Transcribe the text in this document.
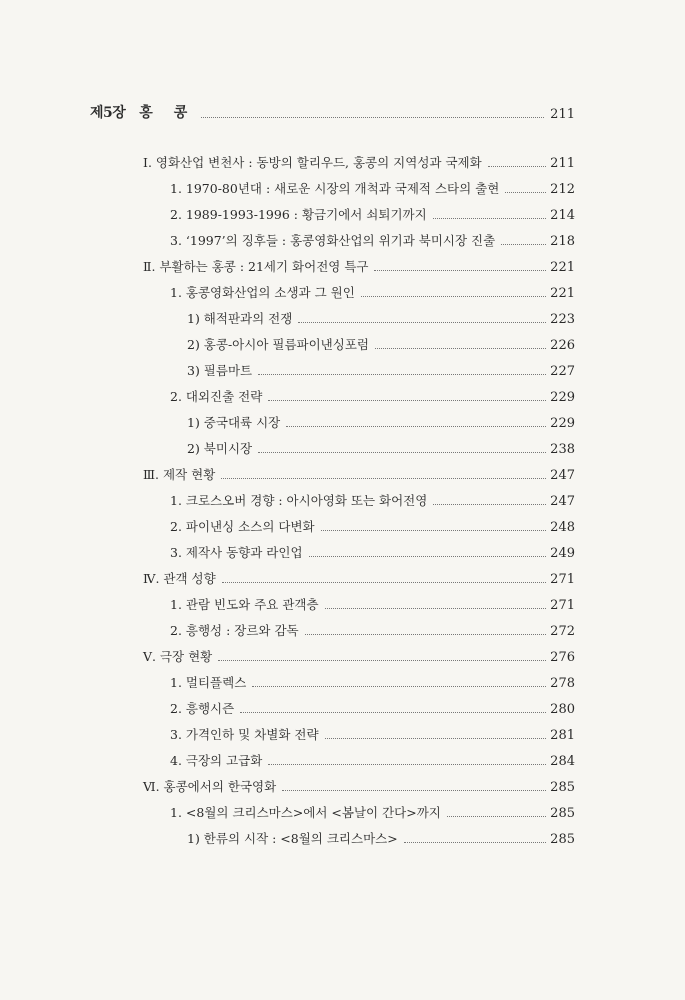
제5장 홍 콩	211
Ⅰ. 영화산업 변천사 : 동방의 할리우드, 홍콩의 지역성과 국제화	211
1. 1970-80년대 : 새로운 시장의 개척과 국제적 스타의 출현	212
2. 1989-1993-1996 : 황금기에서 쇠퇴기까지	214
3. ‘1997’의 징후들 : 홍콩영화산업의 위기과 북미시장 진출	218
Ⅱ. 부활하는 홍콩 : 21세기 화어전영 특구	221
1. 홍콩영화산업의 소생과 그 원인	221
1) 해적판과의 전쟁	223
2) 홍콩-아시아 필름파이낸싱포럼	226
3) 필름마트	227
2. 대외진출 전략	229
1) 중국대륙 시장	229
2) 북미시장	238
Ⅲ. 제작 현황	247
1. 크로스오버 경향 : 아시아영화 또는 화어전영	247
2. 파이낸싱 소스의 다변화	248
3. 제작사 동향과 라인업	249
Ⅳ. 관객 성향	271
1. 관람 빈도와 주요 관객층	271
2. 흥행성 : 장르와 감독	272
Ⅴ. 극장 현황	276
1. 멀티플렉스	278
2. 흥행시즌	280
3. 가격인하 및 차별화 전략	281
4. 극장의 고급화	284
Ⅵ. 홍콩에서의 한국영화	285
1. <8월의 크리스마스>에서 <봄날이 간다>까지	285
1) 한류의 시작 : <8월의 크리스마스>	285
